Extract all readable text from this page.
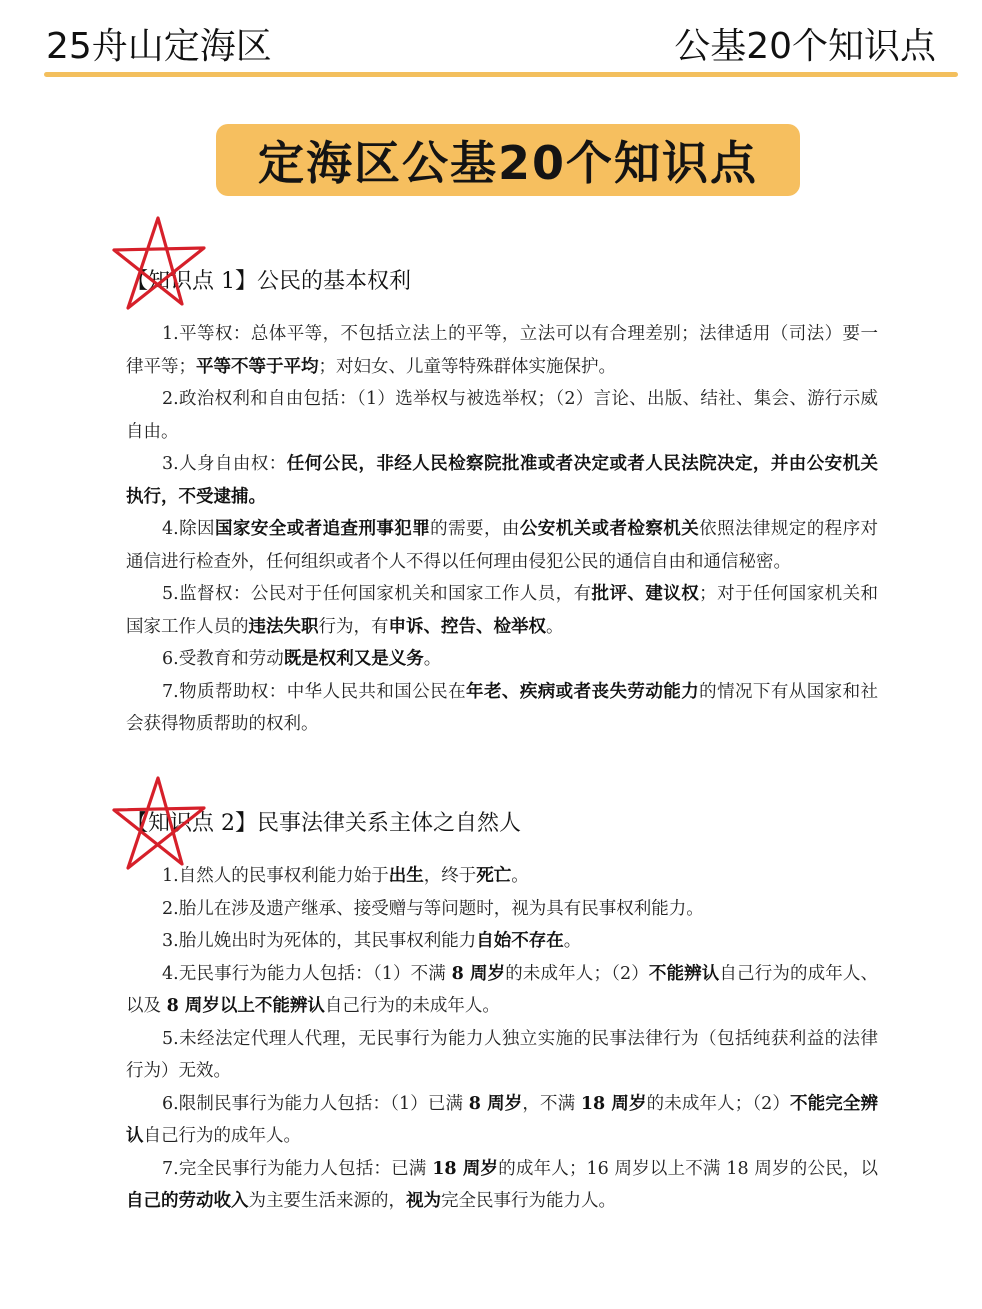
25舟山定海区	公基20个知识点
定海区公基20个知识点
【知识点 1】公民的基本权利

1.平等权：总体平等，不包括立法上的平等，立法可以有合理差别；法律适用（司法）要一律平等；平等不等于平均；对妇女、儿童等特殊群体实施保护。

2.政治权利和自由包括：（1）选举权与被选举权；（2）言论、出版、结社、集会、游行示威自由。

3.人身自由权：任何公民，非经人民检察院批准或者决定或者人民法院决定，并由公安机关执行，不受逮捕。

4.除因国家安全或者追查刑事犯罪的需要，由公安机关或者检察机关依照法律规定的程序对通信进行检查外，任何组织或者个人不得以任何理由侵犯公民的通信自由和通信秘密。

5.监督权：公民对于任何国家机关和国家工作人员，有批评、建议权；对于任何国家机关和国家工作人员的违法失职行为，有申诉、控告、检举权。

6.受教育和劳动既是权利又是义务。

7.物质帮助权：中华人民共和国公民在年老、疾病或者丧失劳动能力的情况下有从国家和社会获得物质帮助的权利。

【知识点 2】民事法律关系主体之自然人

1.自然人的民事权利能力始于出生，终于死亡。

2.胎儿在涉及遗产继承、接受赠与等问题时，视为具有民事权利能力。

3.胎儿娩出时为死体的，其民事权利能力自始不存在。

4.无民事行为能力人包括：（1）不满 8 周岁的未成年人；（2）不能辨认自己行为的成年人、以及 8 周岁以上不能辨认自己行为的未成年人。

5.未经法定代理人代理，无民事行为能力人独立实施的民事法律行为（包括纯获利益的法律行为）无效。

6.限制民事行为能力人包括：（1）已满 8 周岁，不满 18 周岁的未成年人；（2）不能完全辨认自己行为的成年人。

7.完全民事行为能力人包括：已满 18 周岁的成年人；16 周岁以上不满 18 周岁的公民，以自己的劳动收入为主要生活来源的，视为完全民事行为能力人。
